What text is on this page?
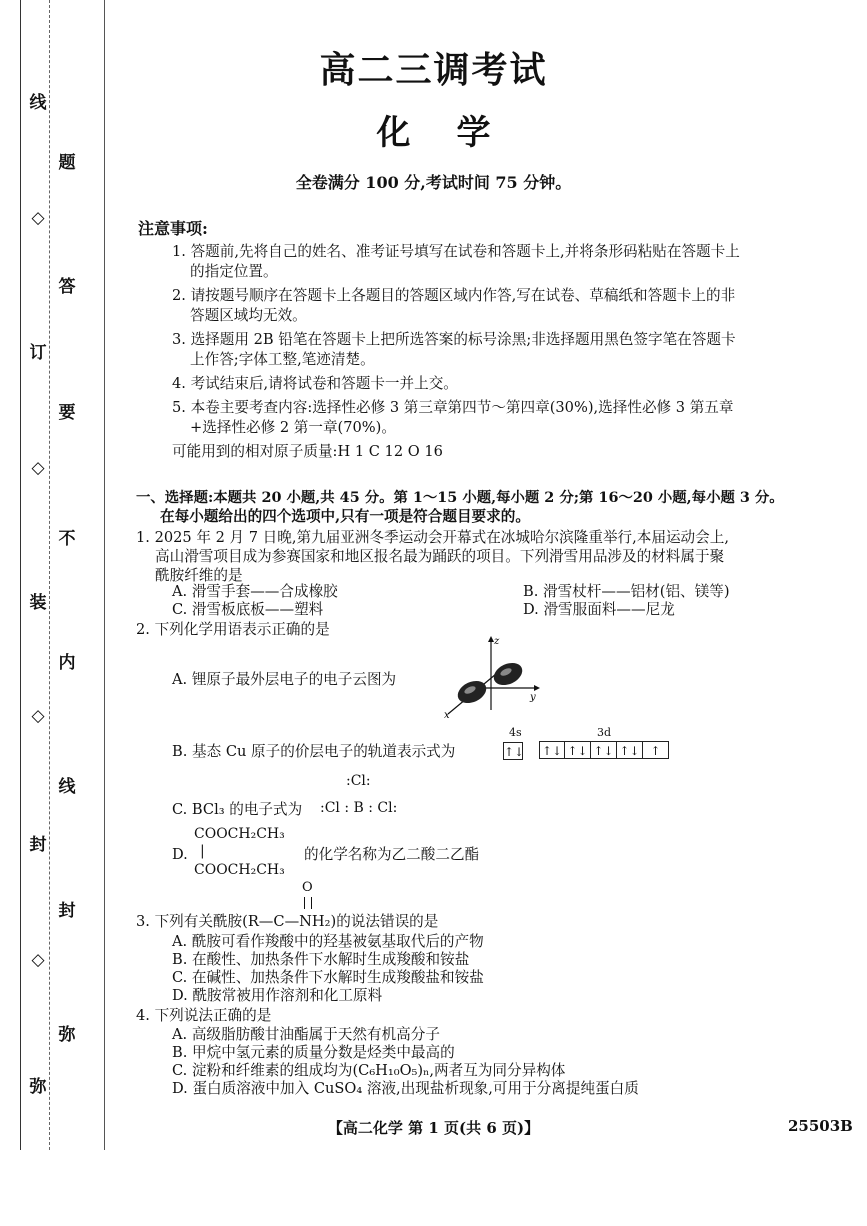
线
◇
订
◇
装
◇
封
◇
弥
题
答
要
不
内
线
封
弥
高二三调考试
化学
全卷满分 100 分,考试时间 75 分钟。
注意事项:
1. 答题前,先将自己的姓名、准考证号填写在试卷和答题卡上,并将条形码粘贴在答题卡上
的指定位置。
2. 请按题号顺序在答题卡上各题目的答题区域内作答,写在试卷、草稿纸和答题卡上的非
答题区域均无效。
3. 选择题用 2B 铅笔在答题卡上把所选答案的标号涂黑;非选择题用黑色签字笔在答题卡
上作答;字体工整,笔迹清楚。
4. 考试结束后,请将试卷和答题卡一并上交。
5. 本卷主要考查内容:选择性必修 3 第三章第四节～第四章(30%),选择性必修 3 第五章
+选择性必修 2 第一章(70%)。
可能用到的相对原子质量:H 1 C 12 O 16
一、选择题:本题共 20 小题,共 45 分。第 1～15 小题,每小题 2 分;第 16～20 小题,每小题 3 分。
在每小题给出的四个选项中,只有一项是符合题目要求的。
1. 2025 年 2 月 7 日晚,第九届亚洲冬季运动会开幕式在冰城哈尔滨隆重举行,本届运动会上,
高山滑雪项目成为参赛国家和地区报名最为踊跃的项目。下列滑雪用品涉及的材料属于聚
酰胺纤维的是
A. 滑雪手套——合成橡胶	B. 滑雪杖杆——铝材(铝、镁等)
C. 滑雪板底板——塑料	D. 滑雪服面料——尼龙
2. 下列化学用语表示正确的是
A. 锂原子最外层电子的电子云图为
z
y
x
4s	3d
B. 基态 Cu 原子的价层电子的轨道表示式为	↑↓ ↑↓ ↑↓ ↑↓ ↑↓ ↑
:Cl:
C. BCl₃ 的电子式为 :Cl : B : Cl:
COOCH₂CH₃
D. |
COOCH₂CH₃
的化学名称为乙二酸二乙酯
O
3. 下列有关酰胺(R—C—NH₂)的说法错误的是
A. 酰胺可看作羧酸中的羟基被氨基取代后的产物
B. 在酸性、加热条件下水解时生成羧酸和铵盐
C. 在碱性、加热条件下水解时生成羧酸盐和铵盐
D. 酰胺常被用作溶剂和化工原料
4. 下列说法正确的是
A. 高级脂肪酸甘油酯属于天然有机高分子
B. 甲烷中氢元素的质量分数是烃类中最高的
C. 淀粉和纤维素的组成均为(C₆H₁₀O₅)ₙ,两者互为同分异构体
D. 蛋白质溶液中加入 CuSO₄ 溶液,出现盐析现象,可用于分离提纯蛋白质
【高二化学 第 1 页(共 6 页)】	25503B
